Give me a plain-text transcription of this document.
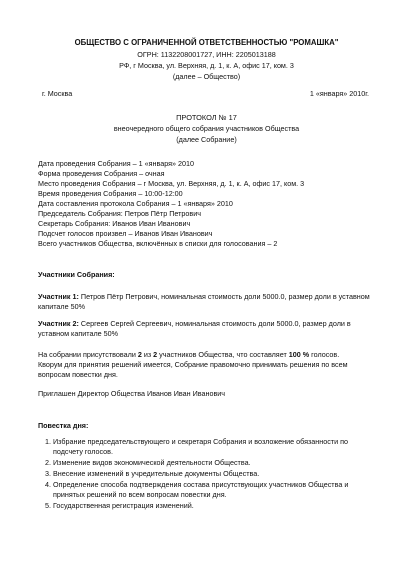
ОБЩЕСТВО С ОГРАНИЧЕННОЙ ОТВЕТСТВЕННОСТЬЮ "РОМАШКА"
ОГРН: 1132208001727, ИНН: 2205013188
РФ, г Москва, ул. Верхняя, д. 1, к. А, офис 17, ком. 3
(далее – Общество)
г. Москва	1 «января» 2010г.
ПРОТОКОЛ № 17
внеочередного общего собрания участников Общества
(далее Собрание)
Дата проведения Собрания – 1 «января» 2010
Форма проведения Собрания – очная
Место проведения Собрания – г Москва, ул. Верхняя, д. 1, к. А, офис 17, ком. 3
Время проведения Собрания – 10:00-12:00
Дата составления протокола Собрания – 1 «января» 2010
Председатель Собрания: Петров Пётр Петрович
Секретарь Собрания: Иванов Иван Иванович
Подсчет голосов произвел – Иванов Иван Иванович
Всего участников Общества, включённых в списки для голосования – 2
Участники Собрания:
Участник 1: Петров Пётр Петрович, номинальная стоимость доли 5000.0, размер доли в уставном капитале 50%
Участник 2: Сергеев Сергей Сергеевич, номинальная стоимость доли 5000.0, размер доли в уставном капитале 50%
На собрании присутствовали 2 из 2 участников Общества, что составляет 100 % голосов.
Кворум для принятия решений имеется, Собрание правомочно принимать решения по всем вопросам повестки дня.
Приглашен Директор Общества Иванов Иван Иванович
Повестка дня:
1. Избрание председательствующего и секретаря Собрания и возложение обязанности по подсчету голосов.
2. Изменение видов экономической деятельности Общества.
3. Внесение изменений в учредительные документы Общества.
4. Определение способа подтверждения состава присутствующих участников Общества и принятых решений по всем вопросам повестки дня.
5. Государственная регистрация изменений.
